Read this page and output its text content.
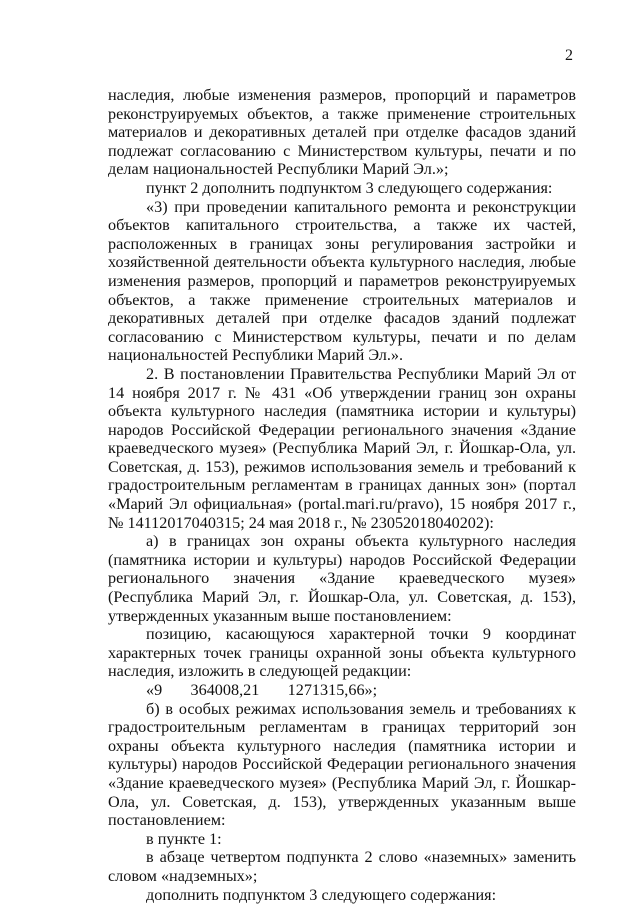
2

наследия, любые изменения размеров, пропорций и параметров реконструируемых объектов, а также применение строительных материалов и декоративных деталей при отделке фасадов зданий подлежат согласованию с Министерством культуры, печати и по делам национальностей Республики Марий Эл.»;

пункт 2 дополнить подпунктом 3 следующего содержания:

«3) при проведении капитального ремонта и реконструкции объектов капитального строительства, а также их частей, расположенных в границах зоны регулирования застройки и хозяйственной деятельности объекта культурного наследия, любые изменения размеров, пропорций и параметров реконструируемых объектов, а также применение строительных материалов и декоративных деталей при отделке фасадов зданий подлежат согласованию с Министерством культуры, печати и по делам национальностей Республики Марий Эл.».

2. В постановлении Правительства Республики Марий Эл от 14 ноября 2017 г. № 431 «Об утверждении границ зон охраны объекта культурного наследия (памятника истории и культуры) народов Российской Федерации регионального значения «Здание краеведческого музея» (Республика Марий Эл, г. Йошкар-Ола, ул. Советская, д. 153), режимов использования земель и требований к градостроительным регламентам в границах данных зон» (портал «Марий Эл официальная» (portal.mari.ru/pravo), 15 ноября 2017 г., № 14112017040315; 24 мая 2018 г., № 23052018040202):

а) в границах зон охраны объекта культурного наследия (памятника истории и культуры) народов Российской Федерации регионального значения «Здание краеведческого музея» (Республика Марий Эл, г. Йошкар-Ола, ул. Советская, д. 153), утвержденных указанным выше постановлением:

позицию, касающуюся характерной точки 9 координат характерных точек границы охранной зоны объекта культурного наследия, изложить в следующей редакции:

«9       364008,21       1271315,66»;

б) в особых режимах использования земель и требованиях к градостроительным регламентам в границах территорий зон охраны объекта культурного наследия (памятника истории и культуры) народов Российской Федерации регионального значения «Здание краеведческого музея» (Республика Марий Эл, г. Йошкар-Ола, ул. Советская, д. 153), утвержденных указанным выше постановлением:

в пункте 1:

в абзаце четвертом подпункта 2 слово «наземных» заменить словом «надземных»;

дополнить подпунктом 3 следующего содержания:
